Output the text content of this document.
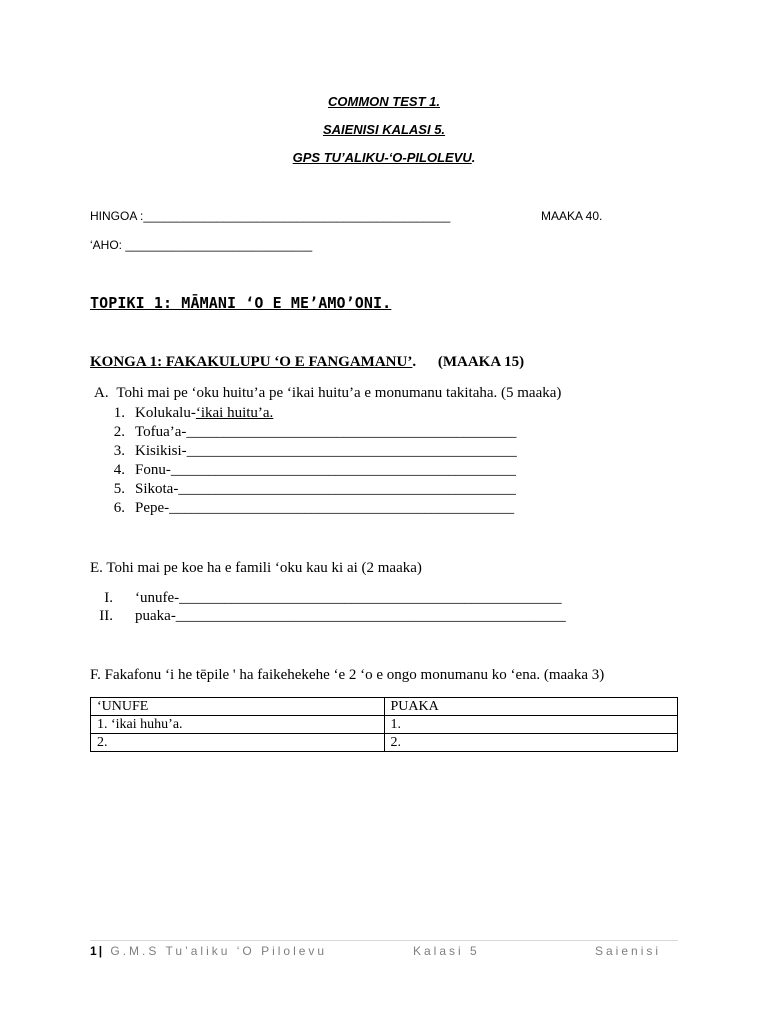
COMMON TEST 1.
SAIENISI KALASI 5.
GPS TU’ALIKU-‘O-PILOLEVU.
HINGOA :______________________________________________	MAAKA 40.
‘AHO: ____________________________
TOPIKI 1: MĀMANI ‘O E ME’AMO’ONI.
KONGA 1: FAKAKULUPU ‘O E FANGAMANU’. (MAAKA 15)
A. Tohi mai pe ‘oku huitu’a pe ‘ikai huitu’a e monumanu takitaha. (5 maaka)
1. Kolukalu-‘ikai huitu’a.
2. Tofua’a-____________________________________________
3. Kisikisi-____________________________________________
4. Fonu-______________________________________________
5. Sikota-_____________________________________________
6. Pepe-______________________________________________
E. Tohi mai pe koe ha e famili ‘oku kau ki ai (2 maaka)
I. ‘unufe-___________________________________________________
II. puaka-____________________________________________________
F. Fakafonu ‘i he tēpile ' ha faikehekehe ‘e 2 ‘o e ongo monumanu ko ‘ena. (maaka 3)
‘UNUFE	PUAKA
1. ‘ikai huhu’a.	1.
2.	2.
1 | G.M.S Tu’aliku ‘O Pilolevu	Kalasi 5	Saienisi
